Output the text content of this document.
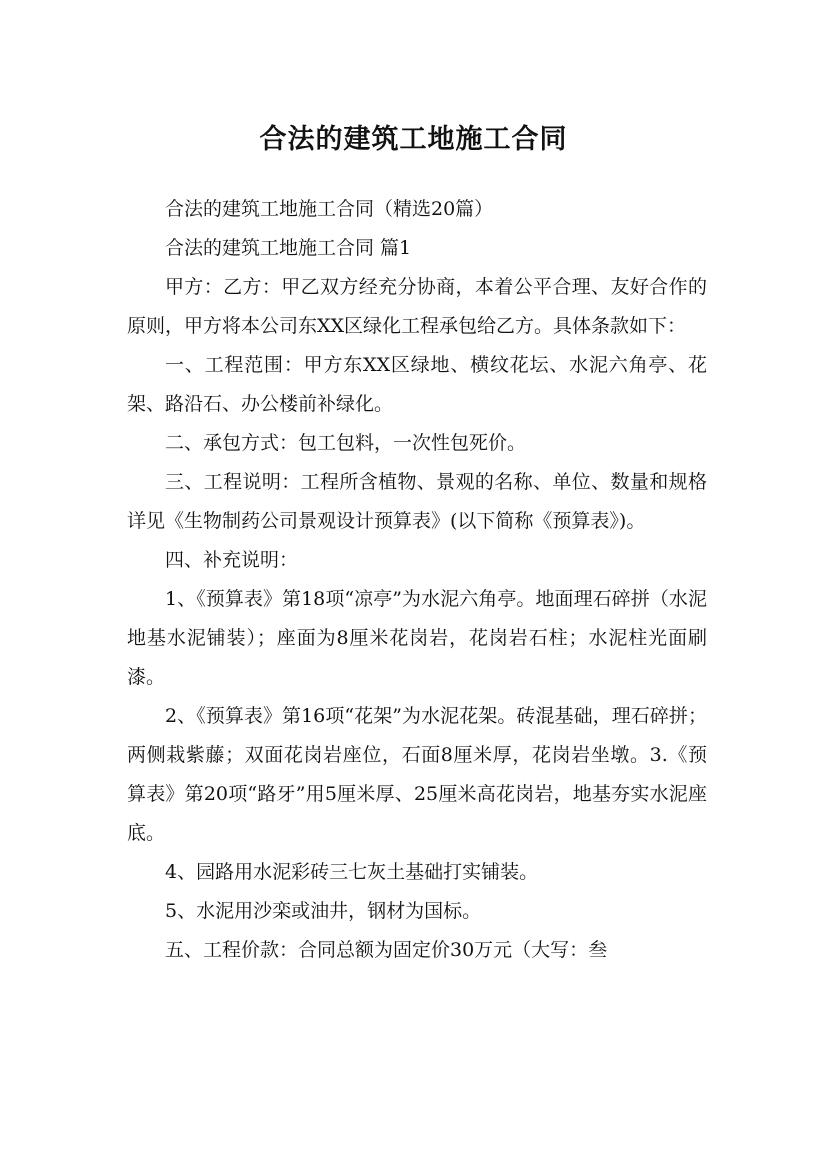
合法的建筑工地施工合同

合法的建筑工地施工合同（精选20篇）

合法的建筑工地施工合同 篇1

甲方：乙方：甲乙双方经充分协商，本着公平合理、友好合作的原则，甲方将本公司东XX区绿化工程承包给乙方。具体条款如下：

一、工程范围：甲方东XX区绿地、横纹花坛、水泥六角亭、花架、路沿石、办公楼前补绿化。

二、承包方式：包工包料，一次性包死价。

三、工程说明：工程所含植物、景观的名称、单位、数量和规格详见《生物制药公司景观设计预算表》(以下简称《预算表》)。

四、补充说明：

1、《预算表》第18项“凉亭”为水泥六角亭。地面理石碎拼（水泥地基水泥铺装）；座面为8厘米花岗岩，花岗岩石柱；水泥柱光面刷漆。

2、《预算表》第16项“花架”为水泥花架。砖混基础，理石碎拼；两侧栽紫藤；双面花岗岩座位，石面8厘米厚，花岗岩坐墩。3.《预算表》第20项“路牙”用5厘米厚、25厘米高花岗岩，地基夯实水泥座底。

4、园路用水泥彩砖三七灰土基础打实铺装。

5、水泥用沙栾或油井，钢材为国标。

五、工程价款：合同总额为固定价30万元（大写：叁
